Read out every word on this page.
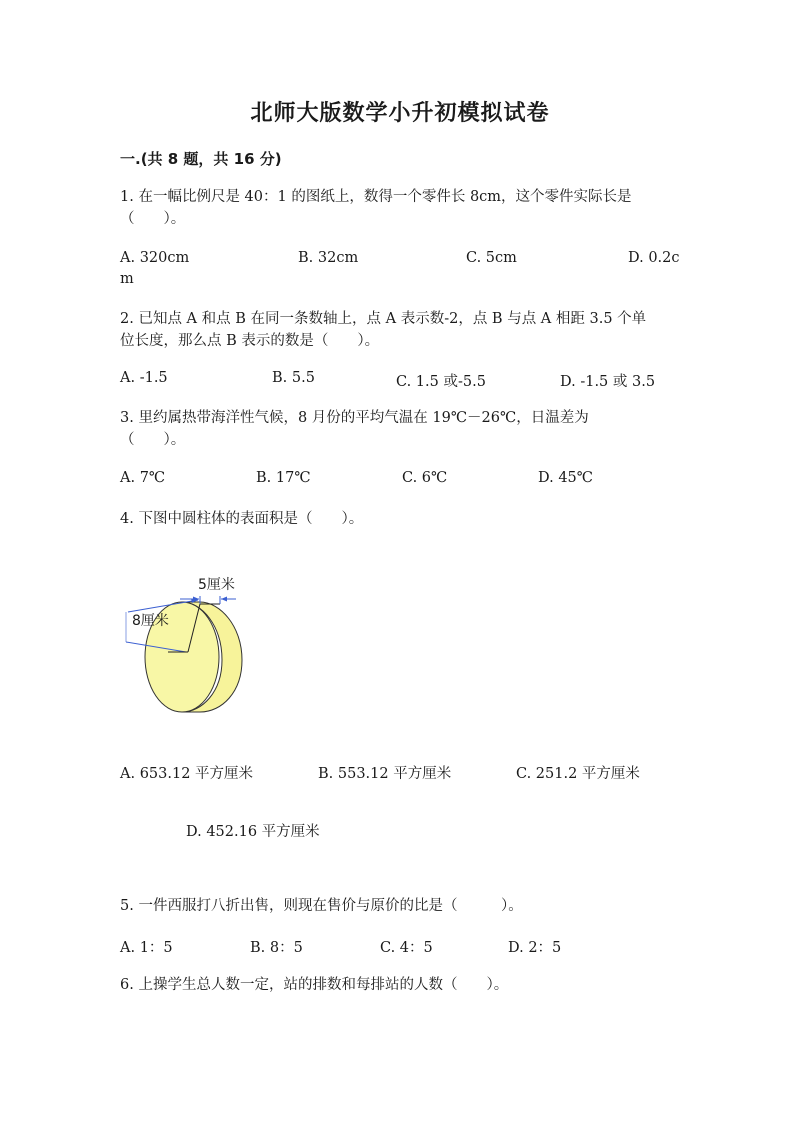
北师大版数学小升初模拟试卷
一.(共 8 题，共 16 分)
1. 在一幅比例尺是 40：1 的图纸上，数得一个零件长 8cm，这个零件实际长是
（　　）。
A. 320cm	B. 32cm	C. 5cm	D. 0.2c
m
2. 已知点 A 和点 B 在同一条数轴上，点 A 表示数-2，点 B 与点 A 相距 3.5 个单
位长度，那么点 B 表示的数是（　　）。
A. -1.5	B. 5.5	C. 1.5 或-5.5	D. -1.5 或 3.5
3. 里约属热带海洋性气候，8 月份的平均气温在 19℃－26℃，日温差为
（　　）。
A. 7℃	B. 17℃	C. 6℃	D. 45℃
4. 下图中圆柱体的表面积是（　　）。
5厘米
8厘米
A. 653.12 平方厘米	B. 553.12 平方厘米	C. 251.2 平方厘米
D. 452.16 平方厘米
5. 一件西服打八折出售，则现在售价与原价的比是（　　　）。
A. 1：5	B. 8：5	C. 4：5	D. 2：5
6. 上操学生总人数一定，站的排数和每排站的人数（　　）。
